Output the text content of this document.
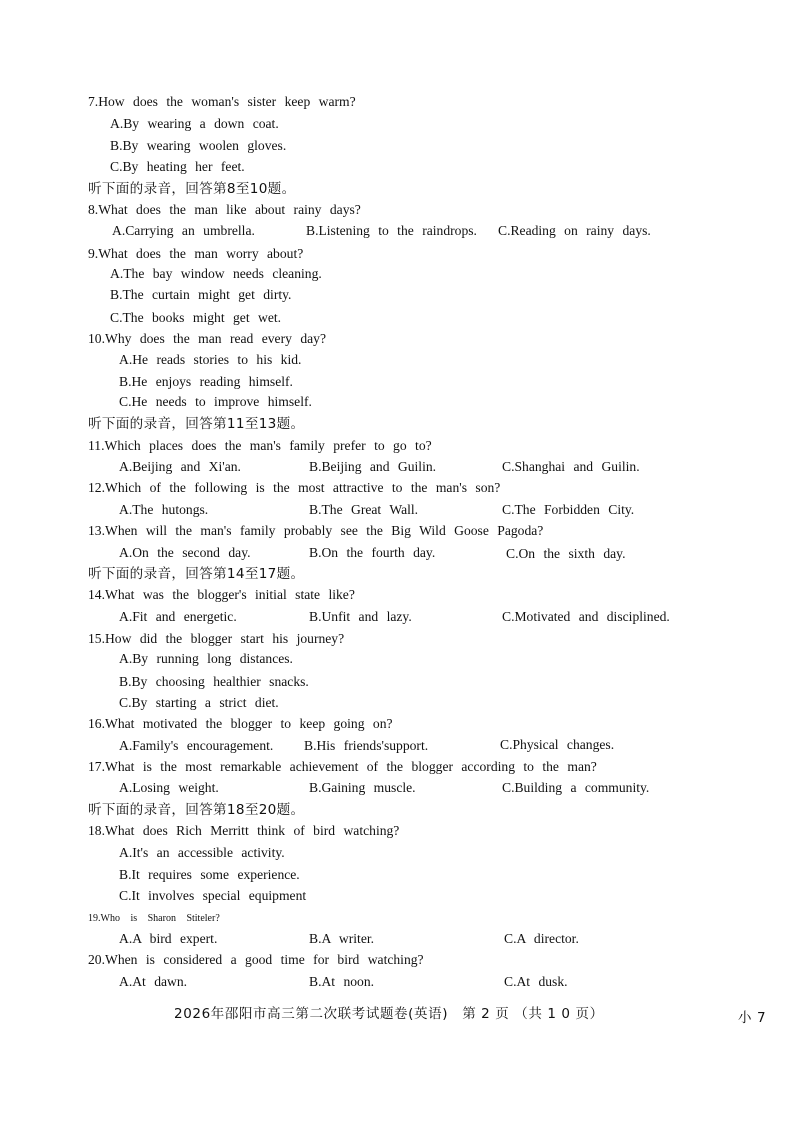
7.How does the woman's sister keep warm?
A.By wearing a down coat.
B.By wearing woolen gloves.
C.By heating her feet.
听下面的录音，回答第8至10题。
8.What does the man like about rainy days?
A.Carrying an umbrella.	B.Listening to the raindrops. C.Reading on rainy days.
9.What does the man worry about?
A.The bay window needs cleaning.
B.The curtain might get dirty.
C.The books might get wet.
10.Why does the man read every day?
A.He reads stories to his kid.
B.He enjoys reading himself.
C.He needs to improve himself.
听下面的录音，回答第11至13题。
11.Which places does the man's family prefer to go to?
A.Beijing and Xi'an.	B.Beijing and Guilin.	C.Shanghai and Guilin.
12.Which of the following is the most attractive to the man's son?
A.The hutongs.	B.The Great Wall.	C.The Forbidden City.
13.When will the man's family probably see the Big Wild Goose Pagoda?
A.On the second day.	B.On the fourth day.	C.On the sixth day.
听下面的录音，回答第14至17题。
14.What was the blogger's initial state like?
A.Fit and energetic.	B.Unfit and lazy.	C.Motivated and disciplined.
15.How did the blogger start his journey?
A.By running long distances.
B.By choosing healthier snacks.
C.By starting a strict diet.
16.What motivated the blogger to keep going on?
A.Family's encouragement. B.His friends'support.	C.Physical changes.
17.What is the most remarkable achievement of the blogger according to the man?
A.Losing weight.	B.Gaining muscle.	C.Building a community.
听下面的录音，回答第18至20题。
18.What does Rich Merritt think of bird watching?
A.It's an accessible activity.
B.It requires some experience.
C.It involves special equipment
19.Who is Sharon Stiteler?
A.A bird expert.	B.A writer.	C.A director.
20.When is considered a good time for bird watching?
A.At dawn.	B.At noon.	C.At dusk.
2026年邵阳市高三第二次联考试题卷(英语)　第 2 页 （共 1 0 页）	小 7
